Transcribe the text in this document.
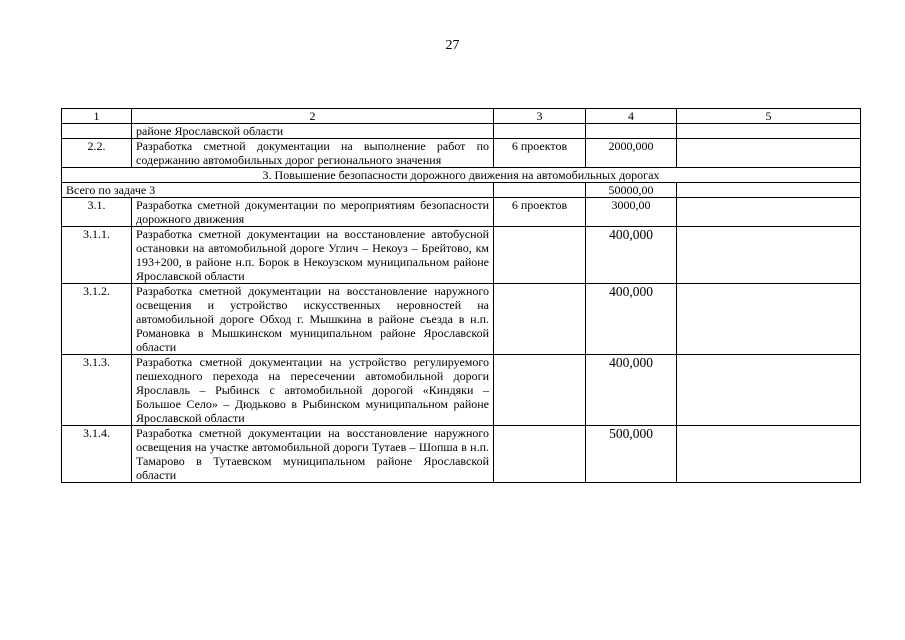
27
1	2	3	4	5
	районе Ярославской области			
2.2.	Разработка сметной документации на выполнение работ по содержанию автомобильных дорог регионального значения	6 проектов	2000,000	
3. Повышение безопасности дорожного движения на автомобильных дорогах				
Всего по задаче 3			50000,00	
3.1.	Разработка сметной документации по мероприятиям безопасности дорожного движения	6 проектов	3000,00	
3.1.1.	Разработка сметной документации на восстановление автобусной остановки на автомобильной дороге Углич – Некоуз – Брейтово, км 193+200, в районе н.п. Борок в Некоузском муниципальном районе Ярославской области		400,000	
3.1.2.	Разработка сметной документации на восстановление наружного освещения и устройство искусственных неровностей на автомобильной дороге Обход г. Мышкина в районе съезда в н.п. Романовка в Мышкинском муниципальном районе Ярославской области		400,000	
3.1.3.	Разработка сметной документации на устройство регулируемого пешеходного перехода на пересечении автомобильной дороги Ярославль – Рыбинск с автомобильной дорогой «Киндяки – Большое Село» – Дюдьково в Рыбинском муниципальном районе Ярославской области		400,000	
3.1.4.	Разработка сметной документации на восстановление наружного освещения на участке автомобильной дороги Тутаев – Шопша в н.п. Тамарово в Тутаевском муниципальном районе Ярославской области		500,000	
